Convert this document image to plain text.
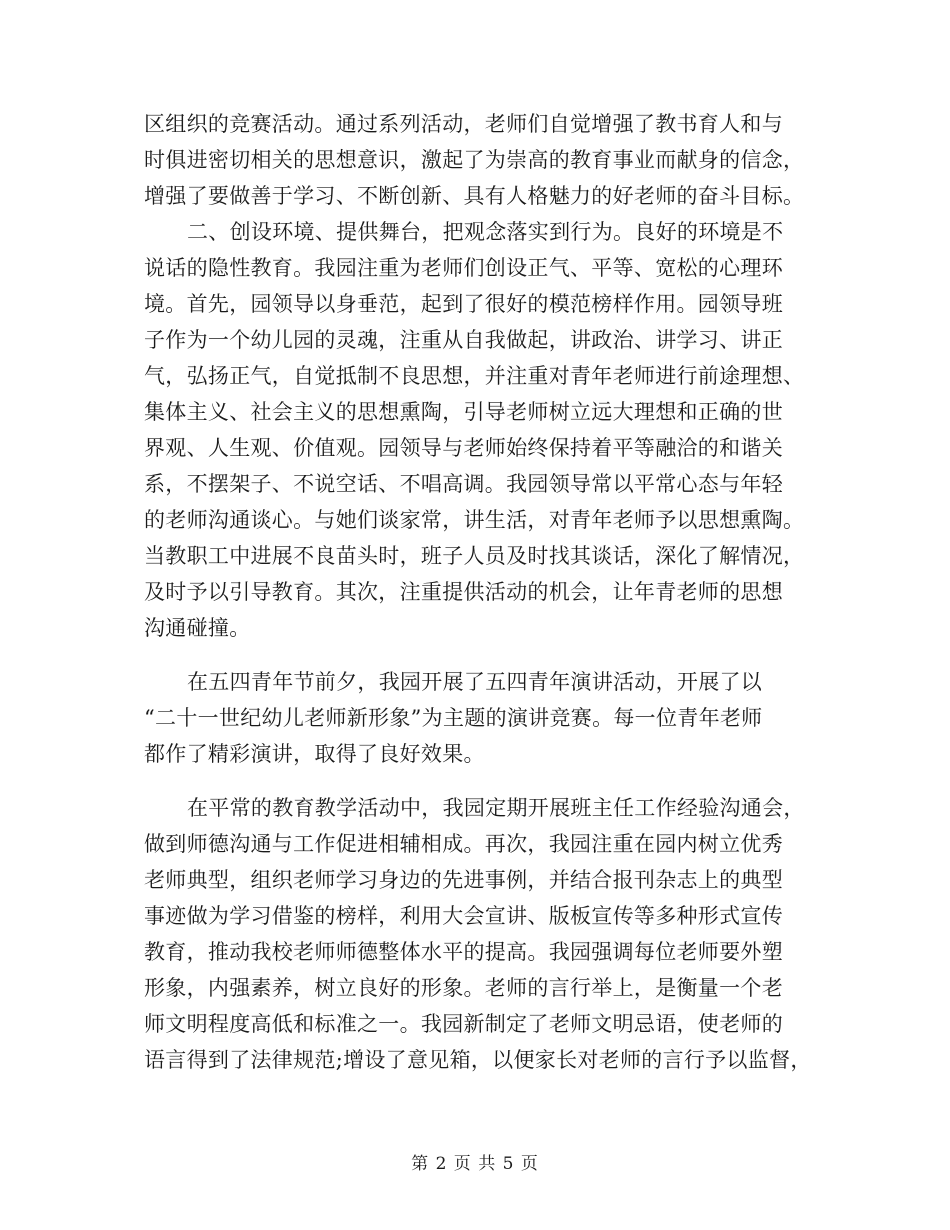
区组织的竞赛活动。通过系列活动，老师们自觉增强了教书育人和与
时俱进密切相关的思想意识，激起了为崇高的教育事业而献身的信念，
增强了要做善于学习、不断创新、具有人格魅力的好老师的奋斗目标。
二、创设环境、提供舞台，把观念落实到行为。良好的环境是不
说话的隐性教育。我园注重为老师们创设正气、平等、宽松的心理环
境。首先，园领导以身垂范，起到了很好的模范榜样作用。园领导班
子作为一个幼儿园的灵魂，注重从自我做起，讲政治、讲学习、讲正
气，弘扬正气，自觉抵制不良思想，并注重对青年老师进行前途理想、
集体主义、社会主义的思想熏陶，引导老师树立远大理想和正确的世
界观、人生观、价值观。园领导与老师始终保持着平等融洽的和谐关
系，不摆架子、不说空话、不唱高调。我园领导常以平常心态与年轻
的老师沟通谈心。与她们谈家常，讲生活，对青年老师予以思想熏陶。
当教职工中进展不良苗头时，班子人员及时找其谈话，深化了解情况，
及时予以引导教育。其次，注重提供活动的机会，让年青老师的思想
沟通碰撞。
在五四青年节前夕，我园开展了五四青年演讲活动，开展了以
“二十一世纪幼儿老师新形象”为主题的演讲竞赛。每一位青年老师
都作了精彩演讲，取得了良好效果。
在平常的教育教学活动中，我园定期开展班主任工作经验沟通会，
做到师德沟通与工作促进相辅相成。再次，我园注重在园内树立优秀
老师典型，组织老师学习身边的先进事例，并结合报刊杂志上的典型
事迹做为学习借鉴的榜样，利用大会宣讲、版板宣传等多种形式宣传
教育，推动我校老师师德整体水平的提高。我园强调每位老师要外塑
形象，内强素养，树立良好的形象。老师的言行举上，是衡量一个老
师文明程度高低和标准之一。我园新制定了老师文明忌语，使老师的
语言得到了法律规范;增设了意见箱，以便家长对老师的言行予以监督，
第 2 页 共 5 页
